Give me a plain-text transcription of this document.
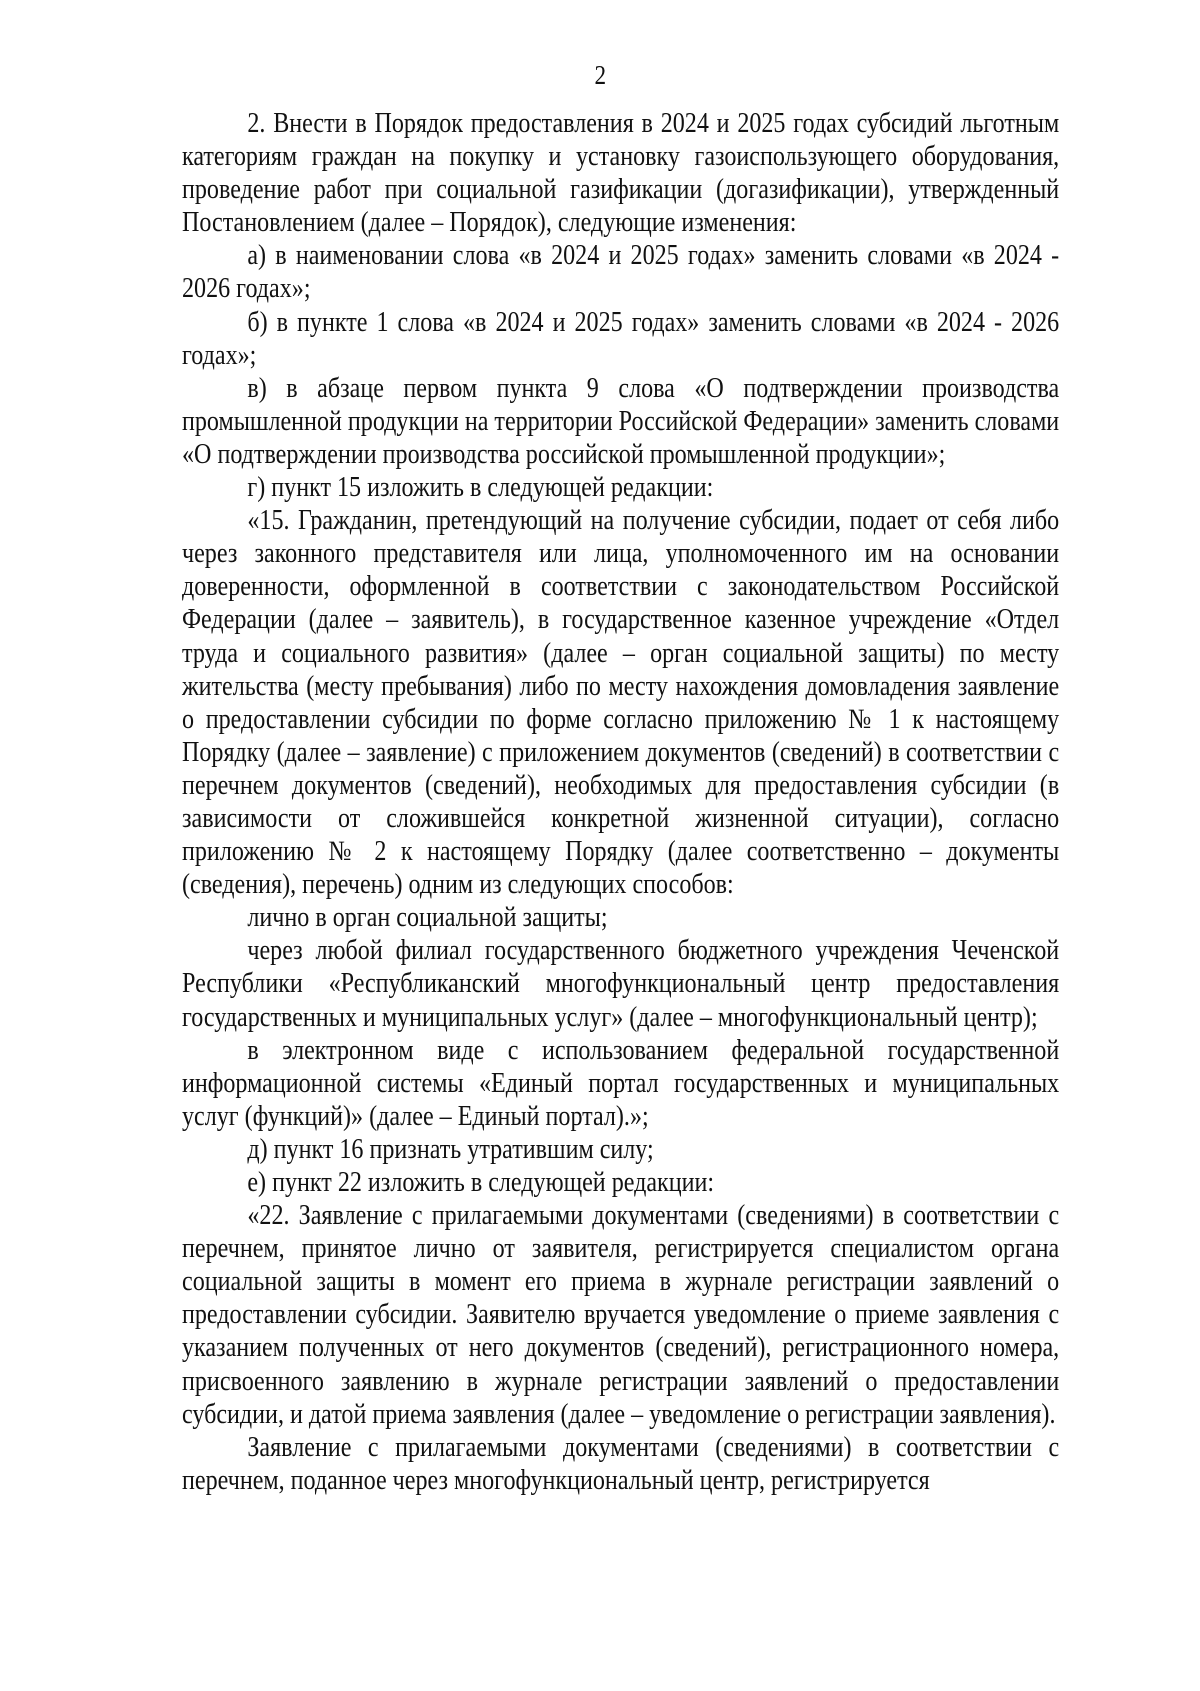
2

2. Внести в Порядок предоставления в 2024 и 2025 годах субсидий льготным категориям граждан на покупку и установку газоиспользующего оборудования, проведение работ при социальной газификации (догазификации), утвержденный Постановлением (далее – Порядок), следующие изменения:

а) в наименовании слова «в 2024 и 2025 годах» заменить словами «в 2024 - 2026 годах»;

б) в пункте 1 слова «в 2024 и 2025 годах» заменить словами «в 2024 - 2026 годах»;

в) в абзаце первом пункта 9 слова «О подтверждении производства промышленной продукции на территории Российской Федерации» заменить словами «О подтверждении производства российской промышленной продукции»;

г) пункт 15 изложить в следующей редакции:

«15. Гражданин, претендующий на получение субсидии, подает от себя либо через законного представителя или лица, уполномоченного им на основании доверенности, оформленной в соответствии с законодательством Российской Федерации (далее – заявитель), в государственное казенное учреждение «Отдел труда и социального развития» (далее – орган социальной защиты) по месту жительства (месту пребывания) либо по месту нахождения домовладения заявление о предоставлении субсидии по форме согласно приложению № 1 к настоящему Порядку (далее – заявление) с приложением документов (сведений) в соответствии с перечнем документов (сведений), необходимых для предоставления субсидии (в зависимости от сложившейся конкретной жизненной ситуации), согласно приложению № 2 к настоящему Порядку (далее соответственно – документы (сведения), перечень) одним из следующих способов:

лично в орган социальной защиты;

через любой филиал государственного бюджетного учреждения Чеченской Республики «Республиканский многофункциональный центр предоставления государственных и муниципальных услуг» (далее – многофункциональный центр);

в электронном виде с использованием федеральной государственной информационной системы «Единый портал государственных и муниципальных услуг (функций)» (далее – Единый портал).»;

д) пункт 16 признать утратившим силу;

е) пункт 22 изложить в следующей редакции:

«22. Заявление с прилагаемыми документами (сведениями) в соответствии с перечнем, принятое лично от заявителя, регистрируется специалистом органа социальной защиты в момент его приема в журнале регистрации заявлений о предоставлении субсидии. Заявителю вручается уведомление о приеме заявления с указанием полученных от него документов (сведений), регистрационного номера, присвоенного заявлению в журнале регистрации заявлений о предоставлении субсидии, и датой приема заявления (далее – уведомление о регистрации заявления).

Заявление с прилагаемыми документами (сведениями) в соответствии с перечнем, поданное через многофункциональный центр, регистрируется
